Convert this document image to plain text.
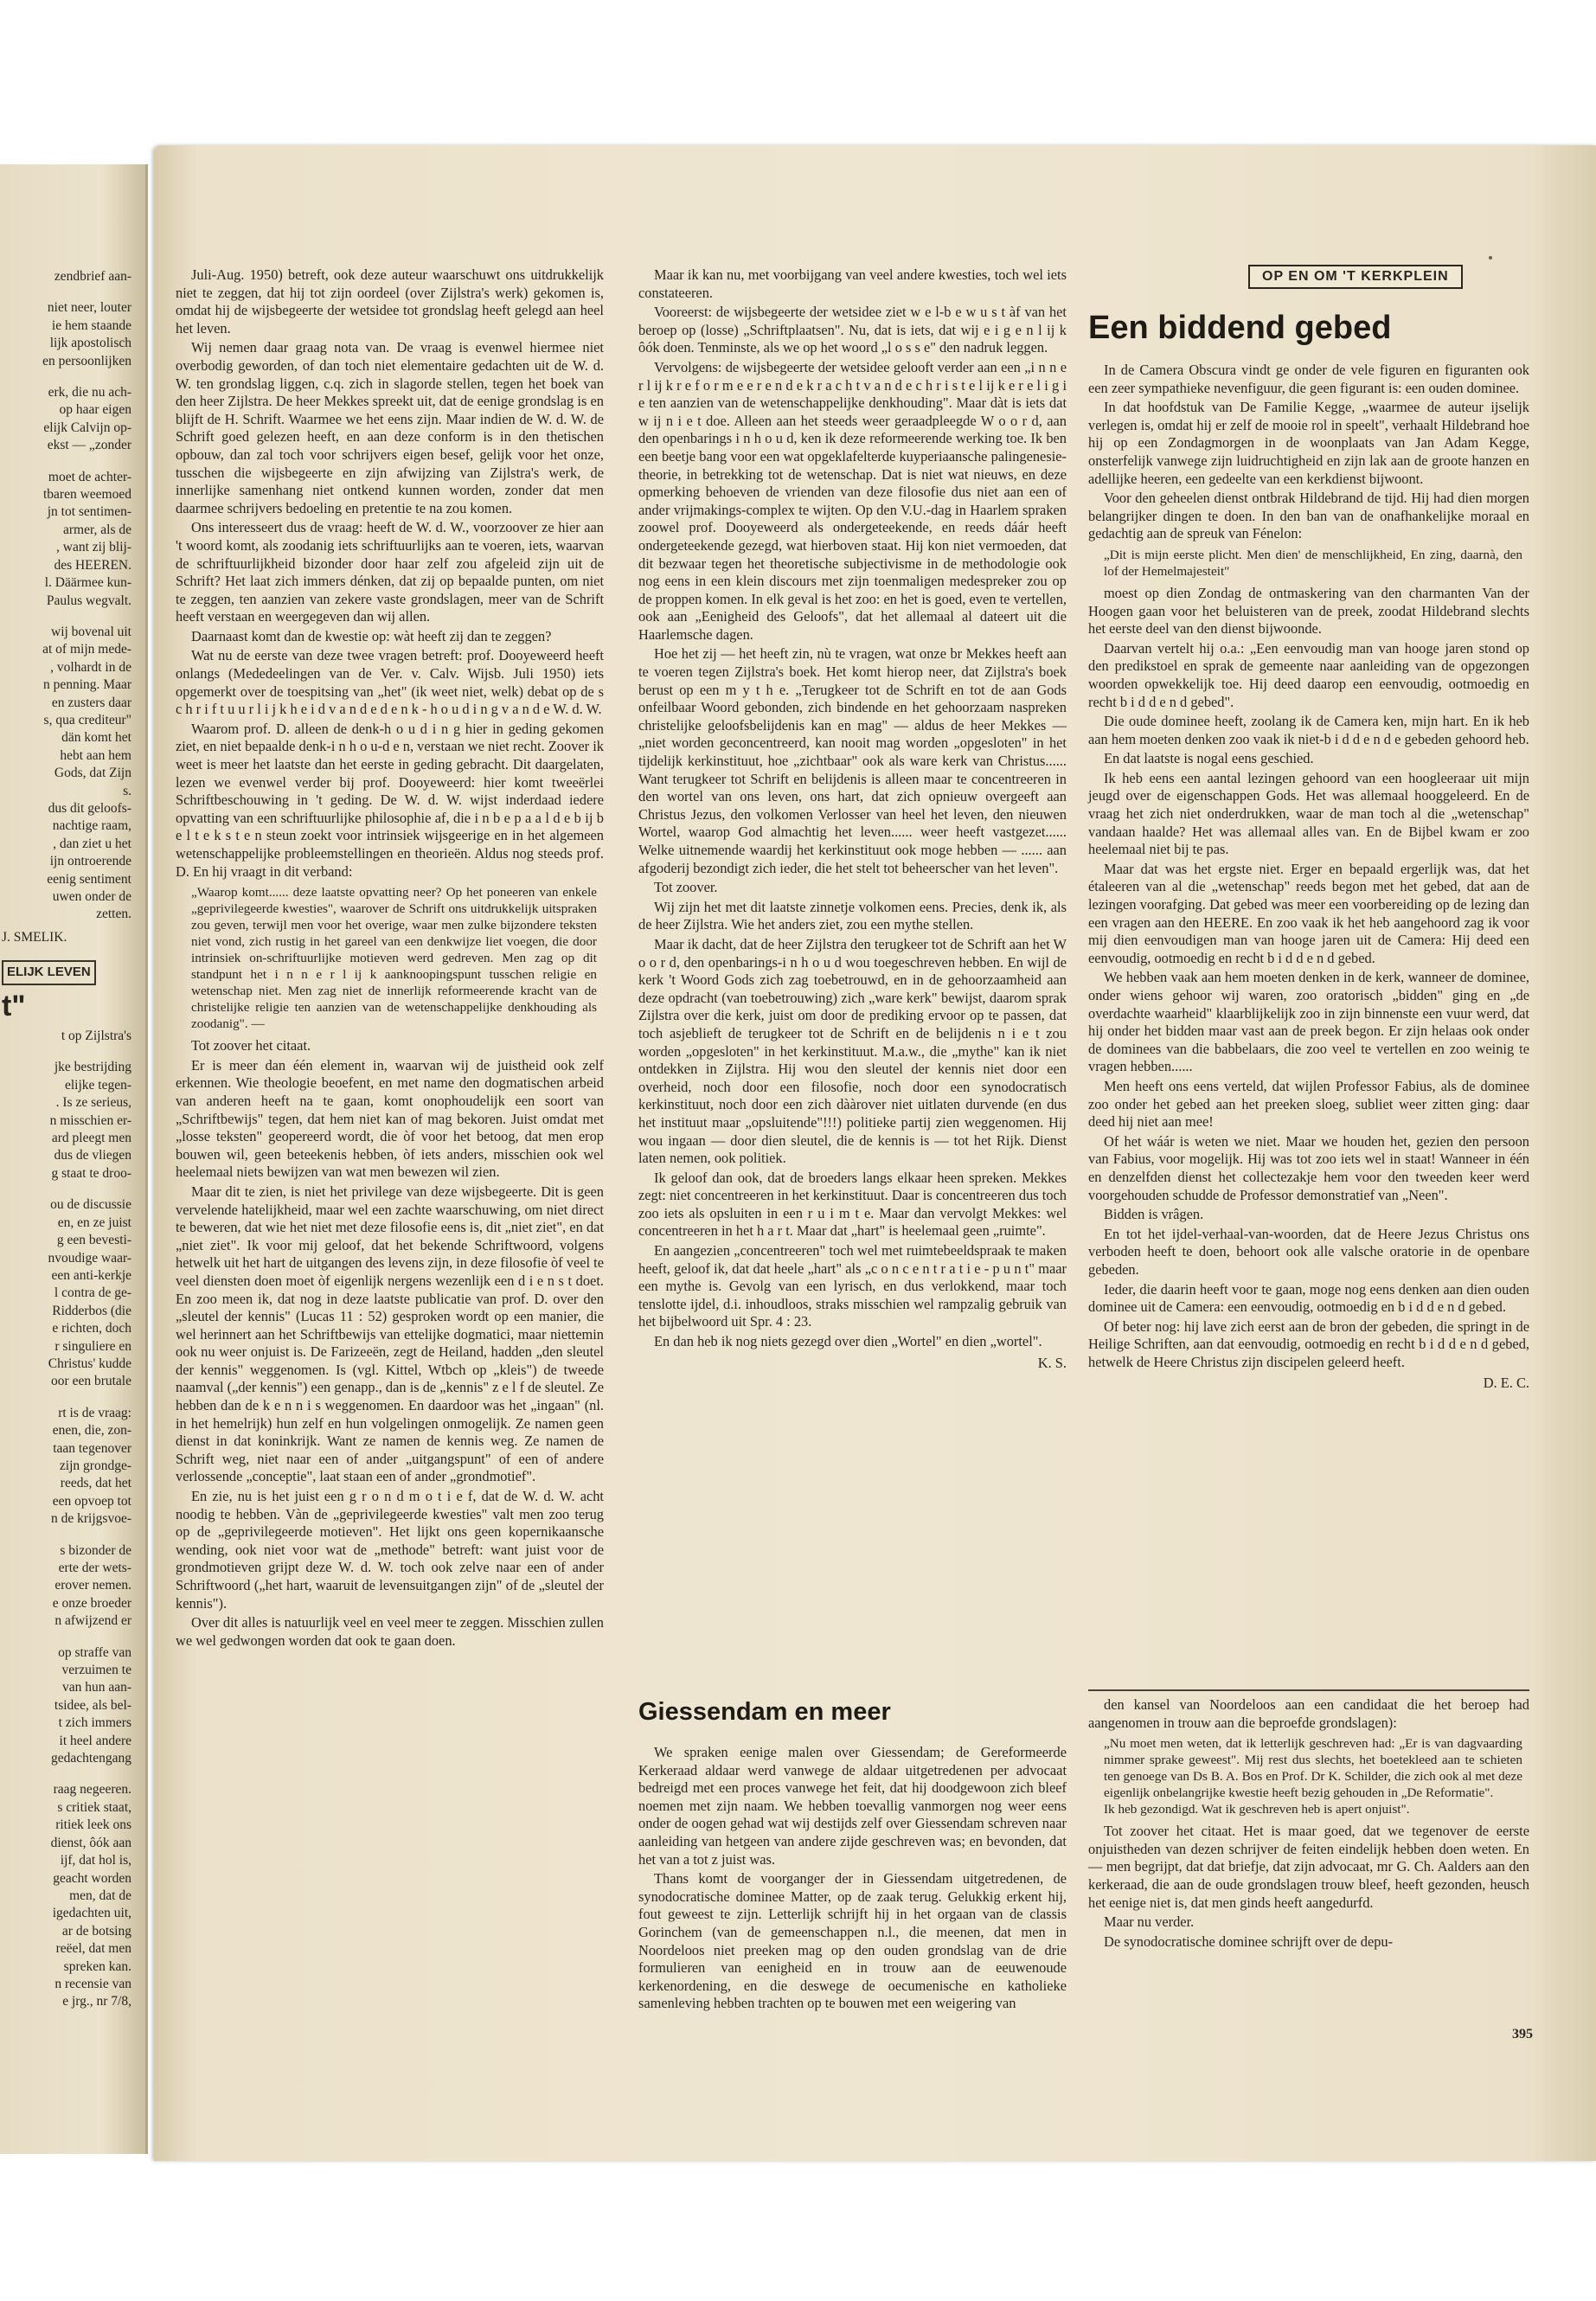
zendbrief aan-

niet neer, louter

ie hem staande

lijk apostolisch

en persoonlijken

erk, die nu ach-

op haar eigen

elijk Calvijn op-

ekst — „zonder

moet de achter-

tbaren weemoed

jn tot sentimen-

armer, als de

, want zij blij-

des HEEREN.

l. Däärmee kun-

Paulus wegvalt.

wij bovenal uit

at of mijn mede-

, volhardt in de

n penning. Maar

en zusters daar

s, qua crediteur"

dän komt het

hebt aan hem

Gods, dat Zijn

s.

dus dit geloofs-

nachtige raam,

, dan ziet u het

ijn ontroerende

eenig sentiment

uwen onder de

zetten.

J. SMELIK.

ELIJK LEVEN

t"

t op Zijlstra's

jke bestrijding

elijke tegen-

. Is ze serieus,

n misschien er-

ard pleegt men

dus de vliegen

g staat te droo-

ou de discussie

en, en ze juist

g een bevesti-

nvoudige waar-

een anti-kerkje

l contra de ge-

Ridderbos (die

e richten, doch

r singuliere en

Christus' kudde

oor een brutale

rt is de vraag:

enen, die, zon-

taan tegenover

zijn grondge-

reeds, dat het

een opvoep tot

n de krijgsvoe-

s bizonder de

erte der wets-

erover nemen.

e onze broeder

n afwijzend er

op straffe van

verzuimen te

van hun aan-

tsidee, als bel-

t zich immers

it heel andere

gedachtengang

raag negeeren.

s critiek staat,

ritiek leek ons

dienst, ôók aan

ijf, dat hol is,

geacht worden

men, dat de

igedachten uit,

ar de botsing

reëel, dat men

spreken kan.

n recensie van

e jrg., nr 7/8,

Juli-Aug. 1950) betreft, ook deze auteur waarschuwt ons uitdrukkelijk niet te zeggen, dat hij tot zijn oordeel (over Zijlstra's werk) gekomen is, omdat hij de wijsbegeerte der wetsidee tot grondslag heeft gelegd aan heel het leven.

Wij nemen daar graag nota van. De vraag is evenwel hiermee niet overbodig geworden, of dan toch niet elementaire gedachten uit de W. d. W. ten grondslag liggen, c.q. zich in slagorde stellen, tegen het boek van den heer Zijlstra. De heer Mekkes spreekt uit, dat de eenige grondslag is en blijft de H. Schrift. Waarmee we het eens zijn. Maar indien de W. d. W. de Schrift goed gelezen heeft, en aan deze conform is in den thetischen opbouw, dan zal toch voor schrijvers eigen besef, gelijk voor het onze, tusschen die wijsbegeerte en zijn afwijzing van Zijlstra's werk, de innerlijke samenhang niet ontkend kunnen worden, zonder dat men daarmee schrijvers bedoeling en pretentie te na zou komen.

Ons interesseert dus de vraag: heeft de W. d. W., voorzoover ze hier aan 't woord komt, als zoodanig iets schriftuurlijks aan te voeren, iets, waarvan de schriftuurlijkheid bizonder door haar zelf zou afgeleid zijn uit de Schrift? Het laat zich immers dénken, dat zij op bepaalde punten, om niet te zeggen, ten aanzien van zekere vaste grondslagen, meer van de Schrift heeft verstaan en weergegeven dan wij allen.

Daarnaast komt dan de kwestie op: wàt heeft zij dan te zeggen?

Wat nu de eerste van deze twee vragen betreft: prof. Dooyeweerd heeft onlangs (Mededeelingen van de Ver. v. Calv. Wijsb. Juli 1950) iets opgemerkt over de toespitsing van „het" (ik weet niet, welk) debat op de s c h r i f t u u r l i j k h e i d v a n d e d e n k - h o u d i n g v a n d e W. d. W.

Waarom prof. D. alleen de denk-h o u d i n g hier in geding gekomen ziet, en niet bepaalde denk-i n h o u-d e n, verstaan we niet recht. Zoover ik weet is meer het laatste dan het eerste in geding gebracht. Dit daargelaten, lezen we evenwel verder bij prof. Dooyeweerd: hier komt tweeërlei Schriftbeschouwing in 't geding. De W. d. W. wijst inderdaad iedere opvatting van een schriftuurlijke philosophie af, die i n b e p a a l d e b ij b e l t e k s t e n steun zoekt voor intrinsiek wijsgeerige en in het algemeen wetenschappelijke probleemstellingen en theorieën. Aldus nog steeds prof. D. En hij vraagt in dit verband:

„Waarop komt...... deze laatste opvatting neer? Op het poneeren van enkele „geprivilegeerde kwesties", waarover de Schrift ons uitdrukkelijk uitspraken zou geven, terwijl men voor het overige, waar men zulke bijzondere teksten niet vond, zich rustig in het gareel van een denkwijze liet voegen, die door intrinsiek on-schriftuurlijke motieven werd gedreven. Men zag op dit standpunt het i n n e r l ij k aanknoopingspunt tusschen religie en wetenschap niet. Men zag niet de innerlijk reformeerende kracht van de christelijke religie ten aanzien van de wetenschappelijke denkhouding als zoodanig". —

Tot zoover het citaat.

Er is meer dan één element in, waarvan wij de juistheid ook zelf erkennen. Wie theologie beoefent, en met name den dogmatischen arbeid van anderen heeft na te gaan, komt onophoudelijk een soort van „Schriftbewijs" tegen, dat hem niet kan of mag bekoren. Juist omdat met „losse teksten" geopereerd wordt, die òf voor het betoog, dat men erop bouwen wil, geen beteekenis hebben, òf iets anders, misschien ook wel heelemaal niets bewijzen van wat men bewezen wil zien.

Maar dit te zien, is niet het privilege van deze wijsbegeerte. Dit is geen vervelende hatelijkheid, maar wel een zachte waarschuwing, om niet direct te beweren, dat wie het niet met deze filosofie eens is, dit „niet ziet", en dat „niet ziet". Ik voor mij geloof, dat het bekende Schriftwoord, volgens hetwelk uit het hart de uitgangen des levens zijn, in deze filosofie òf veel te veel diensten doen moet òf eigenlijk nergens wezenlijk een d i e n s t doet. En zoo meen ik, dat nog in deze laatste publicatie van prof. D. over den „sleutel der kennis" (Lucas 11 : 52) gesproken wordt op een manier, die wel herinnert aan het Schriftbewijs van ettelijke dogmatici, maar niettemin ook nu weer onjuist is. De Farizeeën, zegt de Heiland, hadden „den sleutel der kennis" weggenomen. Is (vgl. Kittel, Wtbch op „kleis") de tweede naamval („der kennis") een genapp., dan is de „kennis" z e l f de sleutel. Ze hebben dan de k e n n i s weggenomen. En daardoor was het „ingaan" (nl. in het hemelrijk) hun zelf en hun volgelingen onmogelijk. Ze namen geen dienst in dat koninkrijk. Want ze namen de kennis weg. Ze namen de Schrift weg, niet naar een of ander „uitgangspunt" of een of andere verlossende „conceptie", laat staan een of ander „grondmotief".

En zie, nu is het juist een g r o n d m o t i e f, dat de W. d. W. acht noodig te hebben. Vàn de „geprivilegeerde kwesties" valt men zoo terug op de „geprivilegeerde motieven". Het lijkt ons geen kopernikaansche wending, ook niet voor wat de „methode" betreft: want juist voor de grondmotieven grijpt deze W. d. W. toch ook zelve naar een of ander Schriftwoord („het hart, waaruit de levensuitgangen zijn" of de „sleutel der kennis").

Over dit alles is natuurlijk veel en veel meer te zeggen. Misschien zullen we wel gedwongen worden dat ook te gaan doen.

Maar ik kan nu, met voorbijgang van veel andere kwesties, toch wel iets constateeren.

Vooreerst: de wijsbegeerte der wetsidee ziet w e l-b e w u s t àf van het beroep op (losse) „Schriftplaatsen". Nu, dat is iets, dat wij e i g e n l ij k ôók doen. Tenminste, als we op het woord „l o s s e" den nadruk leggen.

Vervolgens: de wijsbegeerte der wetsidee gelooft verder aan een „i n n e r l ij k r e f o r m e e r e n d e k r a c h t v a n d e c h r i s t e l ij k e r e l i g i e ten aanzien van de wetenschappelijke denkhouding". Maar dàt is iets dat w ij n i e t doe. Alleen aan het steeds weer geraadpleegde W o o r d, aan den openbarings i n h o u d, ken ik deze reformeerende werking toe. Ik ben een beetje bang voor een wat opgeklafelterde kuyperiaansche palingenesie-theorie, in betrekking tot de wetenschap. Dat is niet wat nieuws, en deze opmerking behoeven de vrienden van deze filosofie dus niet aan een of ander vrijmakings-complex te wijten. Op den V.U.-dag in Haarlem spraken zoowel prof. Dooyeweerd als ondergeteekende, en reeds dáár heeft ondergeteekende gezegd, wat hierboven staat. Hij kon niet vermoeden, dat dit bezwaar tegen het theoretische subjectivisme in de methodologie ook nog eens in een klein discours met zijn toenmaligen medespreker zou op de proppen komen. In elk geval is het zoo: en het is goed, even te vertellen, ook aan „Eenigheid des Geloofs", dat het allemaal al dateert uit die Haarlemsche dagen.

Hoe het zij — het heeft zin, nù te vragen, wat onze br Mekkes heeft aan te voeren tegen Zijlstra's boek. Het komt hierop neer, dat Zijlstra's boek berust op een m y t h e. „Terugkeer tot de Schrift en tot de aan Gods onfeilbaar Woord gebonden, zich bindende en het gehoorzaam naspreken christelijke geloofsbelijdenis kan en mag" — aldus de heer Mekkes — „niet worden geconcentreerd, kan nooit mag worden „opgesloten" in het tijdelijk kerkinstituut, hoe „zichtbaar" ook als ware kerk van Christus...... Want terugkeer tot Schrift en belijdenis is alleen maar te concentreeren in den wortel van ons leven, ons hart, dat zich opnieuw overgeeft aan Christus Jezus, den volkomen Verlosser van heel het leven, den nieuwen Wortel, waarop God almachtig het leven...... weer heeft vastgezet...... Welke uitnemende waardij het kerkinstituut ook moge hebben — ...... aan afgoderij bezondigt zich ieder, die het stelt tot beheerscher van het leven".

Tot zoover.

Wij zijn het met dit laatste zinnetje volkomen eens. Precies, denk ik, als de heer Zijlstra. Wie het anders ziet, zou een mythe stellen.

Maar ik dacht, dat de heer Zijlstra den terugkeer tot de Schrift aan het W o o r d, den openbarings-i n h o u d wou toegeschreven hebben. En wijl de kerk 't Woord Gods zich zag toebetrouwd, en in de gehoorzaamheid aan deze opdracht (van toebetrouwing) zich „ware kerk" bewijst, daarom sprak Zijlstra over die kerk, juist om door de prediking ervoor op te passen, dat toch asjeblieft de terugkeer tot de Schrift en de belijdenis n i e t zou worden „opgesloten" in het kerkinstituut. M.a.w., die „mythe" kan ik niet ontdekken in Zijlstra. Hij wou den sleutel der kennis niet door een overheid, noch door een filosofie, noch door een synodocratisch kerkinstituut, noch door een zich dààrover niet uitlaten durvende (en dus het instituut maar „opsluitende"!!!) politieke partij zien weggenomen. Hij wou ingaan — door dien sleutel, die de kennis is — tot het Rijk. Dienst laten nemen, ook politiek.

Ik geloof dan ook, dat de broeders langs elkaar heen spreken. Mekkes zegt: niet concentreeren in het kerkinstituut. Daar is concentreeren dus toch zoo iets als opsluiten in een r u i m t e. Maar dan vervolgt Mekkes: wel concentreeren in het h a r t. Maar dat „hart" is heelemaal geen „ruimte".

En aangezien „concentreeren" toch wel met ruimtebeeldspraak te maken heeft, geloof ik, dat dat heele „hart" als „c o n c e n t r a t i e - p u n t" maar een mythe is. Gevolg van een lyrisch, en dus verlokkend, maar toch tenslotte ijdel, d.i. inhoudloos, straks misschien wel rampzalig gebruik van het bijbelwoord uit Spr. 4 : 23.

En dan heb ik nog niets gezegd over dien „Wortel" en dien „wortel".

K. S.

Giessendam en meer

We spraken eenige malen over Giessendam; de Gereformeerde Kerkeraad aldaar werd vanwege de aldaar uitgetredenen per advocaat bedreigd met een proces vanwege het feit, dat hij doodgewoon zich bleef noemen met zijn naam. We hebben toevallig vanmorgen nog weer eens onder de oogen gehad wat wij destijds zelf over Giessendam schreven naar aanleiding van hetgeen van andere zijde geschreven was; en bevonden, dat het van a tot z juist was.

Thans komt de voorganger der in Giessendam uitgetredenen, de synodocratische dominee Matter, op de zaak terug. Gelukkig erkent hij, fout geweest te zijn. Letterlijk schrijft hij in het orgaan van de classis Gorinchem (van de gemeenschappen n.l., die meenen, dat men in Noordeloos niet preeken mag op den ouden grondslag van de drie formulieren van eenigheid en in trouw aan de eeuwenoude kerkenordening, en die deswege de oecumenische en katholieke samenleving hebben trachten op te bouwen met een weigering van

OP EN OM 'T KERKPLEIN
Een biddend gebed

In de Camera Obscura vindt ge onder de vele figuren en figuranten ook een zeer sympathieke nevenfiguur, die geen figurant is: een ouden dominee.

In dat hoofdstuk van De Familie Kegge, „waarmee de auteur ijselijk verlegen is, omdat hij er zelf de mooie rol in speelt", verhaalt Hildebrand hoe hij op een Zondagmorgen in de woonplaats van Jan Adam Kegge, onsterfelijk vanwege zijn luidruchtigheid en zijn lak aan de groote hanzen en adellijke heeren, een gedeelte van een kerkdienst bijwoont.

Voor den geheelen dienst ontbrak Hildebrand de tijd. Hij had dien morgen belangrijker dingen te doen. In den ban van de onafhankelijke moraal en gedachtig aan de spreuk van Fénelon:

„Dit is mijn eerste plicht. Men dien' de menschlijkheid, En zing, daarnà, den lof der Hemelmajesteit"

moest op dien Zondag de ontmaskering van den charmanten Van der Hoogen gaan voor het beluisteren van de preek, zoodat Hildebrand slechts het eerste deel van den dienst bijwoonde.

Daarvan vertelt hij o.a.: „Een eenvoudig man van hooge jaren stond op den predikstoel en sprak de gemeente naar aanleiding van de opgezongen woorden opwekkelijk toe. Hij deed daarop een eenvoudig, ootmoedig en recht b i d d e n d gebed".

Die oude dominee heeft, zoolang ik de Camera ken, mijn hart. En ik heb aan hem moeten denken zoo vaak ik niet-b i d d e n d e gebeden gehoord heb.

En dat laatste is nogal eens geschied.

Ik heb eens een aantal lezingen gehoord van een hoogleeraar uit mijn jeugd over de eigenschappen Gods. Het was allemaal hooggeleerd. En de vraag het zich niet onderdrukken, waar de man toch al die „wetenschap" vandaan haalde? Het was allemaal alles van. En de Bijbel kwam er zoo heelemaal niet bij te pas.

Maar dat was het ergste niet. Erger en bepaald ergerlijk was, dat het étaleeren van al die „wetenschap" reeds begon met het gebed, dat aan de lezingen voorafging. Dat gebed was meer een voorbereiding op de lezing dan een vragen aan den HEERE. En zoo vaak ik het heb aangehoord zag ik voor mij dien eenvoudigen man van hooge jaren uit de Camera: Hij deed een eenvoudig, ootmoedig en recht b i d d e n d gebed.

We hebben vaak aan hem moeten denken in de kerk, wanneer de dominee, onder wiens gehoor wij waren, zoo oratorisch „bidden" ging en „de overdachte waarheid" klaarblijkelijk zoo in zijn binnenste een vuur werd, dat hij onder het bidden maar vast aan de preek begon. Er zijn helaas ook onder de dominees van die babbelaars, die zoo veel te vertellen en zoo weinig te vragen hebben......

Men heeft ons eens verteld, dat wijlen Professor Fabius, als de dominee zoo onder het gebed aan het preeken sloeg, subliet weer zitten ging: daar deed hij niet aan mee!

Of het wáár is weten we niet. Maar we houden het, gezien den persoon van Fabius, voor mogelijk. Hij was tot zoo iets wel in staat! Wanneer in één en denzelfden dienst het collectezakje hem voor den tweeden keer werd voorgehouden schudde de Professor demonstratief van „Neen".

Bidden is vrâgen.

En tot het ijdel-verhaal-van-woorden, dat de Heere Jezus Christus ons verboden heeft te doen, behoort ook alle valsche oratorie in de openbare gebeden.

Ieder, die daarin heeft voor te gaan, moge nog eens denken aan dien ouden dominee uit de Camera: een eenvoudig, ootmoedig en b i d d e n d gebed.

Of beter nog: hij lave zich eerst aan de bron der gebeden, die springt in de Heilige Schriften, aan dat eenvoudig, ootmoedig en recht b i d d e n d gebed, hetwelk de Heere Christus zijn discipelen geleerd heeft.

D. E. C.

den kansel van Noordeloos aan een candidaat die het beroep had aangenomen in trouw aan die beproefde grondslagen):

„Nu moet men weten, dat ik letterlijk geschreven had: „Er is van dagvaarding nimmer sprake geweest". Mij rest dus slechts, het boetekleed aan te schieten ten genoege van Ds B. A. Bos en Prof. Dr K. Schilder, die zich ook al met deze eigenlijk onbelangrijke kwestie heeft bezig gehouden in „De Reformatie".
Ik heb gezondigd. Wat ik geschreven heb is apert onjuist".

Tot zoover het citaat. Het is maar goed, dat we tegenover de eerste onjuistheden van dezen schrijver de feiten eindelijk hebben doen weten. En — men begrijpt, dat dat briefje, dat zijn advocaat, mr G. Ch. Aalders aan den kerkeraad, die aan de oude grondslagen trouw bleef, heeft gezonden, heusch het eenige niet is, dat men ginds heeft aangedurfd.

Maar nu verder.

De synodocratische dominee schrijft over de depu-

395
